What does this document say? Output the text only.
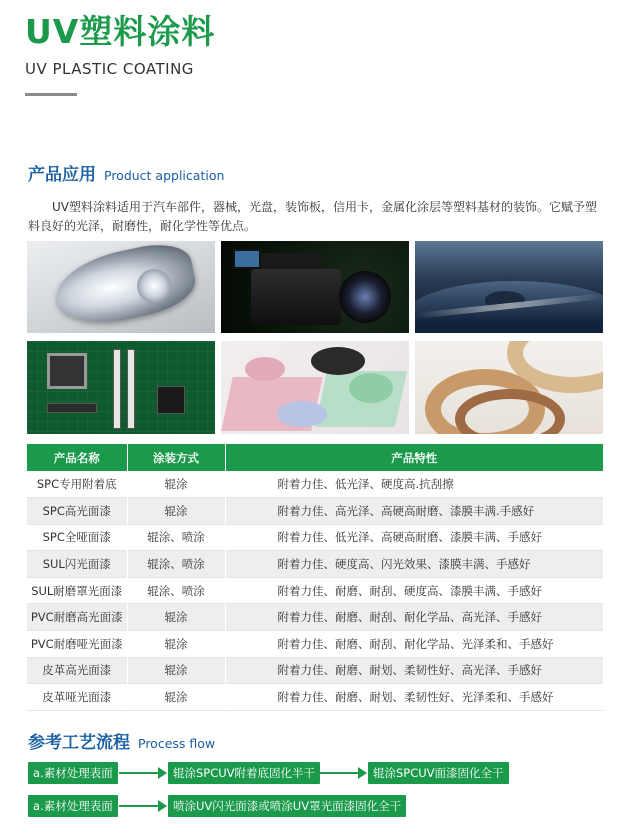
UV塑料涂料
UV PLASTIC COATING
产品应用 Product application

UV塑料涂料适用于汽车部件，器械，光盘，装饰板，信用卡，金属化涂层等塑料基材的装饰。它赋予塑料良好的光泽，耐磨性，耐化学性等优点。

产品名称	涂装方式	产品特性
SPC专用附着底	辊涂	附着力佳、低光泽、硬度高.抗刮擦
SPC高光面漆	辊涂	附着力佳、高光泽、高硬高耐磨、漆膜丰满.手感好
SPC全哑面漆	辊涂、喷涂	附着力佳、低光泽、高硬高耐磨、漆膜丰满、手感好
SUL闪光面漆	辊涂、喷涂	附着力佳、硬度高、闪光效果、漆膜丰满、手感好
SUL耐磨罩光面漆	辊涂、喷涂	附着力佳、耐磨、耐刮、硬度高、漆膜丰满、手感好
PVC耐磨高光面漆	辊涂	附着力佳、耐磨、耐刮、耐化学品、高光泽、手感好
PVC耐磨哑光面漆	辊涂	附着力佳、耐磨、耐刮、耐化学品、光泽柔和、手感好
皮革高光面漆	辊涂	附着力佳、耐磨、耐划、柔韧性好、高光泽、手感好
皮革哑光面漆	辊涂	附着力佳、耐磨、耐划、柔韧性好、光泽柔和、手感好
参考工艺流程 Process flow
a.素材处理表面	辊涂SPCUV附着底固化半干	辊涂SPCUV面漆固化全干
a.素材处理表面	喷涂UV闪光面漆或喷涂UV罩光面漆固化全干
